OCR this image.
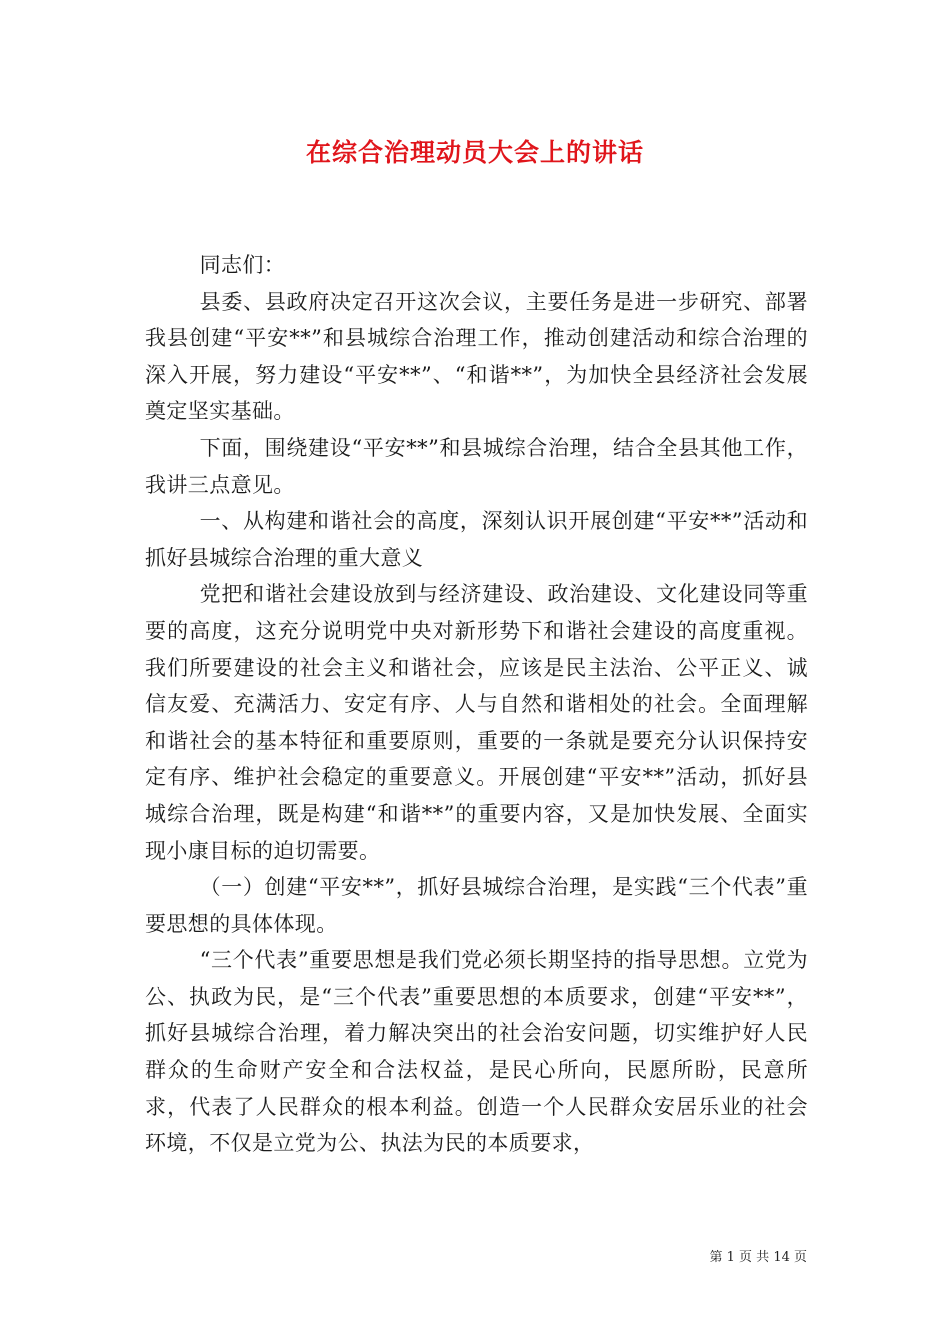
在综合治理动员大会上的讲话

同志们：

县委、县政府决定召开这次会议，主要任务是进一步研究、部署我县创建“平安**”和县城综合治理工作，推动创建活动和综合治理的深入开展，努力建设“平安**”、“和谐**”，为加快全县经济社会发展奠定坚实基础。

下面，围绕建设“平安**”和县城综合治理，结合全县其他工作，我讲三点意见。

一、从构建和谐社会的高度，深刻认识开展创建“平安**”活动和抓好县城综合治理的重大意义

党把和谐社会建设放到与经济建设、政治建设、文化建设同等重要的高度，这充分说明党中央对新形势下和谐社会建设的高度重视。我们所要建设的社会主义和谐社会，应该是民主法治、公平正义、诚信友爱、充满活力、安定有序、人与自然和谐相处的社会。全面理解和谐社会的基本特征和重要原则，重要的一条就是要充分认识保持安定有序、维护社会稳定的重要意义。开展创建“平安**”活动，抓好县城综合治理，既是构建“和谐**”的重要内容，又是加快发展、全面实现小康目标的迫切需要。

（一）创建“平安**”，抓好县城综合治理，是实践“三个代表”重要思想的具体体现。

“三个代表”重要思想是我们党必须长期坚持的指导思想。立党为公、执政为民，是“三个代表”重要思想的本质要求，创建“平安**”，抓好县城综合治理，着力解决突出的社会治安问题，切实维护好人民群众的生命财产安全和合法权益，是民心所向，民愿所盼，民意所求，代表了人民群众的根本利益。创造一个人民群众安居乐业的社会环境，不仅是立党为公、执法为民的本质要求，

第 1 页 共 14 页
